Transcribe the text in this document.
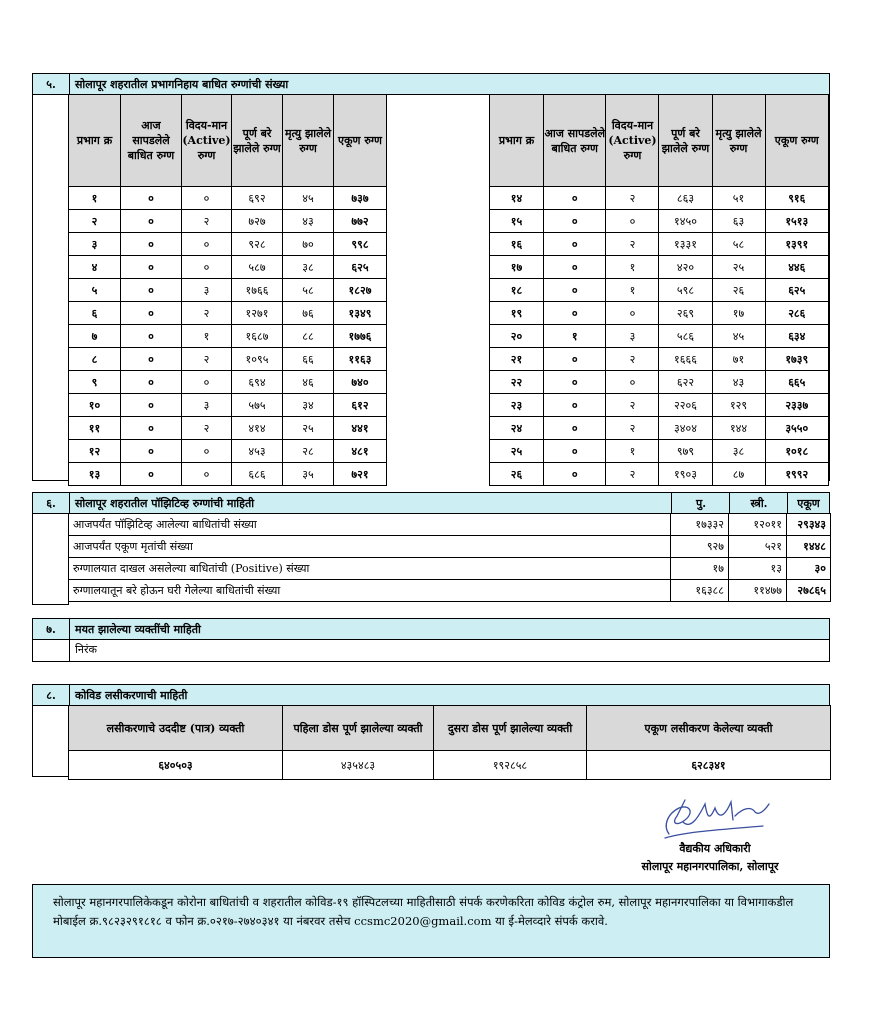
५.	सोलापूर शहरातील प्रभागनिहाय बाधित रुग्णांची संख्या
प्रभाग क्र	आज सापडलेले बाधित रुग्ण	विदय-मान (Active) रुग्ण	पूर्ण बरे झालेले रुग्ण	मृत्यु झालेले रुग्ण	एकूण रुग्ण
१	०	०	६९२	४५	७३७
२	०	२	७२७	४३	७७२
३	०	०	९२८	७०	९९८
४	०	०	५८७	३८	६२५
५	०	३	१७६६	५८	१८२७
६	०	२	१२७१	७६	१३४९
७	०	१	१६८७	८८	१७७६
८	०	२	१०९५	६६	११६३
९	०	०	६९४	४६	७४०
१०	०	३	५७५	३४	६१२
११	०	२	४१४	२५	४४१
१२	०	०	४५३	२८	४८१
१३	०	०	६८६	३५	७२१
प्रभाग क्र	आज सापडलेले बाधित रुग्ण	विदय-मान (Active) रुग्ण	पूर्ण बरे झालेले रुग्ण	मृत्यु झालेले रुग्ण	एकूण रुग्ण
१४	०	२	८६३	५१	९१६
१५	०	०	१४५०	६३	१५१३
१६	०	२	१३३१	५८	१३९१
१७	०	१	४२०	२५	४४६
१८	०	१	५९८	२६	६२५
१९	०	०	२६९	१७	२८६
२०	१	३	५८६	४५	६३४
२१	०	२	१६६६	७१	१७३९
२२	०	०	६२२	४३	६६५
२३	०	२	२२०६	१२९	२३३७
२४	०	२	३४०४	१४४	३५५०
२५	०	१	९७९	३८	१०१८
२६	०	२	१९०३	८७	१९९२
६.	सोलापूर शहरातील पॉझिटिव्ह रुग्णांची माहिती	पु.	स्त्री.	एकूण
आजपर्यंत पॉझिटिव्ह आलेल्या बाधितांची संख्या	१७३३२	१२०११	२९३४३
आजपर्यंत एकूण मृतांची संख्या	९२७	५२१	१४४८
रुग्णालयात दाखल असलेल्या बाधितांची (Positive) संख्या	१७	१३	३०
रुग्णालयातून बरे होऊन घरी गेलेल्या बाधितांची संख्या	१६३८८	११४७७	२७८६५
७.	मयत झालेल्या व्यक्तींची माहिती
निरंक
८.	कोविड लसीकरणाची माहिती
लसीकरणाचे उददीष्ट (पात्र) व्यक्ती	पहिला डोस पूर्ण झालेल्या व्यक्ती	दुसरा डोस पूर्ण झालेल्या व्यक्ती	एकूण लसीकरण केलेल्या व्यक्ती
६४०५०३	४३५४८३	१९२८५८	६२८३४१
वैद्यकीय अधिकारी
सोलापूर महानगरपालिका, सोलापूर
सोलापूर महानगरपालिकेकडून कोरोना बाधितांची व शहरातील कोविड-१९ हॉस्पिटलच्या माहितीसाठी संपर्क करणेकरिता कोविड कंट्रोल रुम, सोलापूर महानगरपालिका या विभागाकडील मोबाईल क्र.९८२३२९१८१८ व फोन क्र.०२१७-२७४०३४१ या नंबरवर तसेच ccsmc2020@gmail.com या ई-मेलव्दारे संपर्क करावे.
